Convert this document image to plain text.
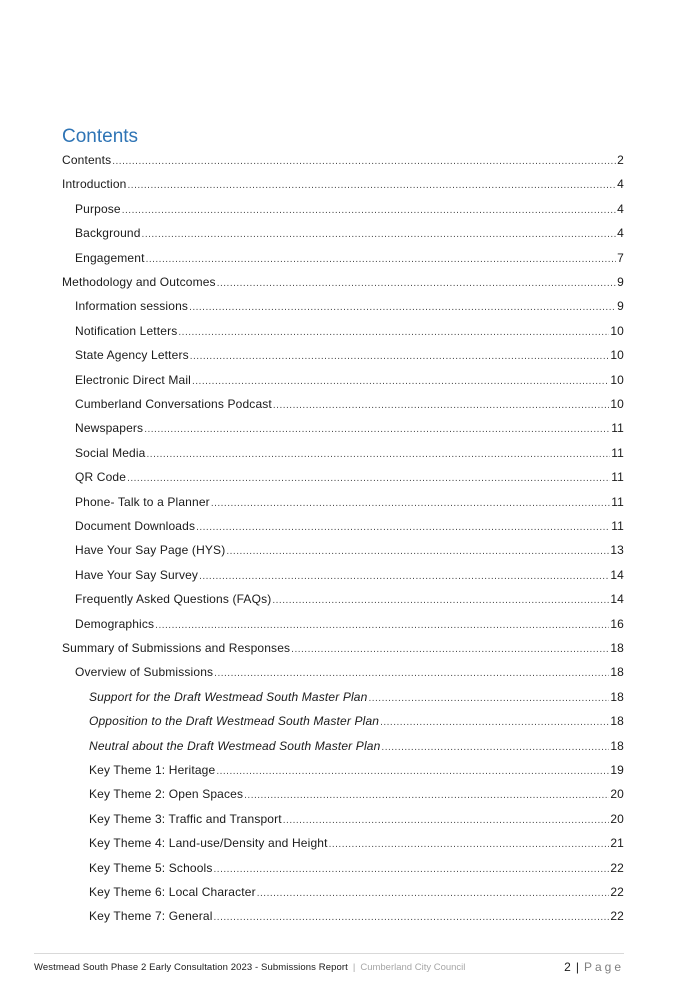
Contents
Contents .....	2
Introduction .....	4
Purpose .....	4
Background .....	4
Engagement .....	7
Methodology and Outcomes .....	9
Information sessions .....	9
Notification Letters .....	10
State Agency Letters .....	10
Electronic Direct Mail .....	10
Cumberland Conversations Podcast .....	10
Newspapers .....	11
Social Media .....	11
QR Code .....	11
Phone- Talk to a Planner .....	11
Document Downloads .....	11
Have Your Say Page (HYS) .....	13
Have Your Say Survey .....	14
Frequently Asked Questions (FAQs) .....	14
Demographics .....	16
Summary of Submissions and Responses .....	18
Overview of Submissions .....	18
Support for the Draft Westmead South Master Plan .....	18
Opposition to the Draft Westmead South Master Plan .....	18
Neutral about the Draft Westmead South Master Plan .....	18
Key Theme 1: Heritage .....	19
Key Theme 2: Open Spaces .....	20
Key Theme 3: Traffic and Transport .....	20
Key Theme 4: Land-use/Density and Height .....	21
Key Theme 5: Schools .....	22
Key Theme 6: Local Character .....	22
Key Theme 7: General .....	22
Westmead South Phase 2 Early Consultation 2023 - Submissions Report | Cumberland City Council	2 | Page
